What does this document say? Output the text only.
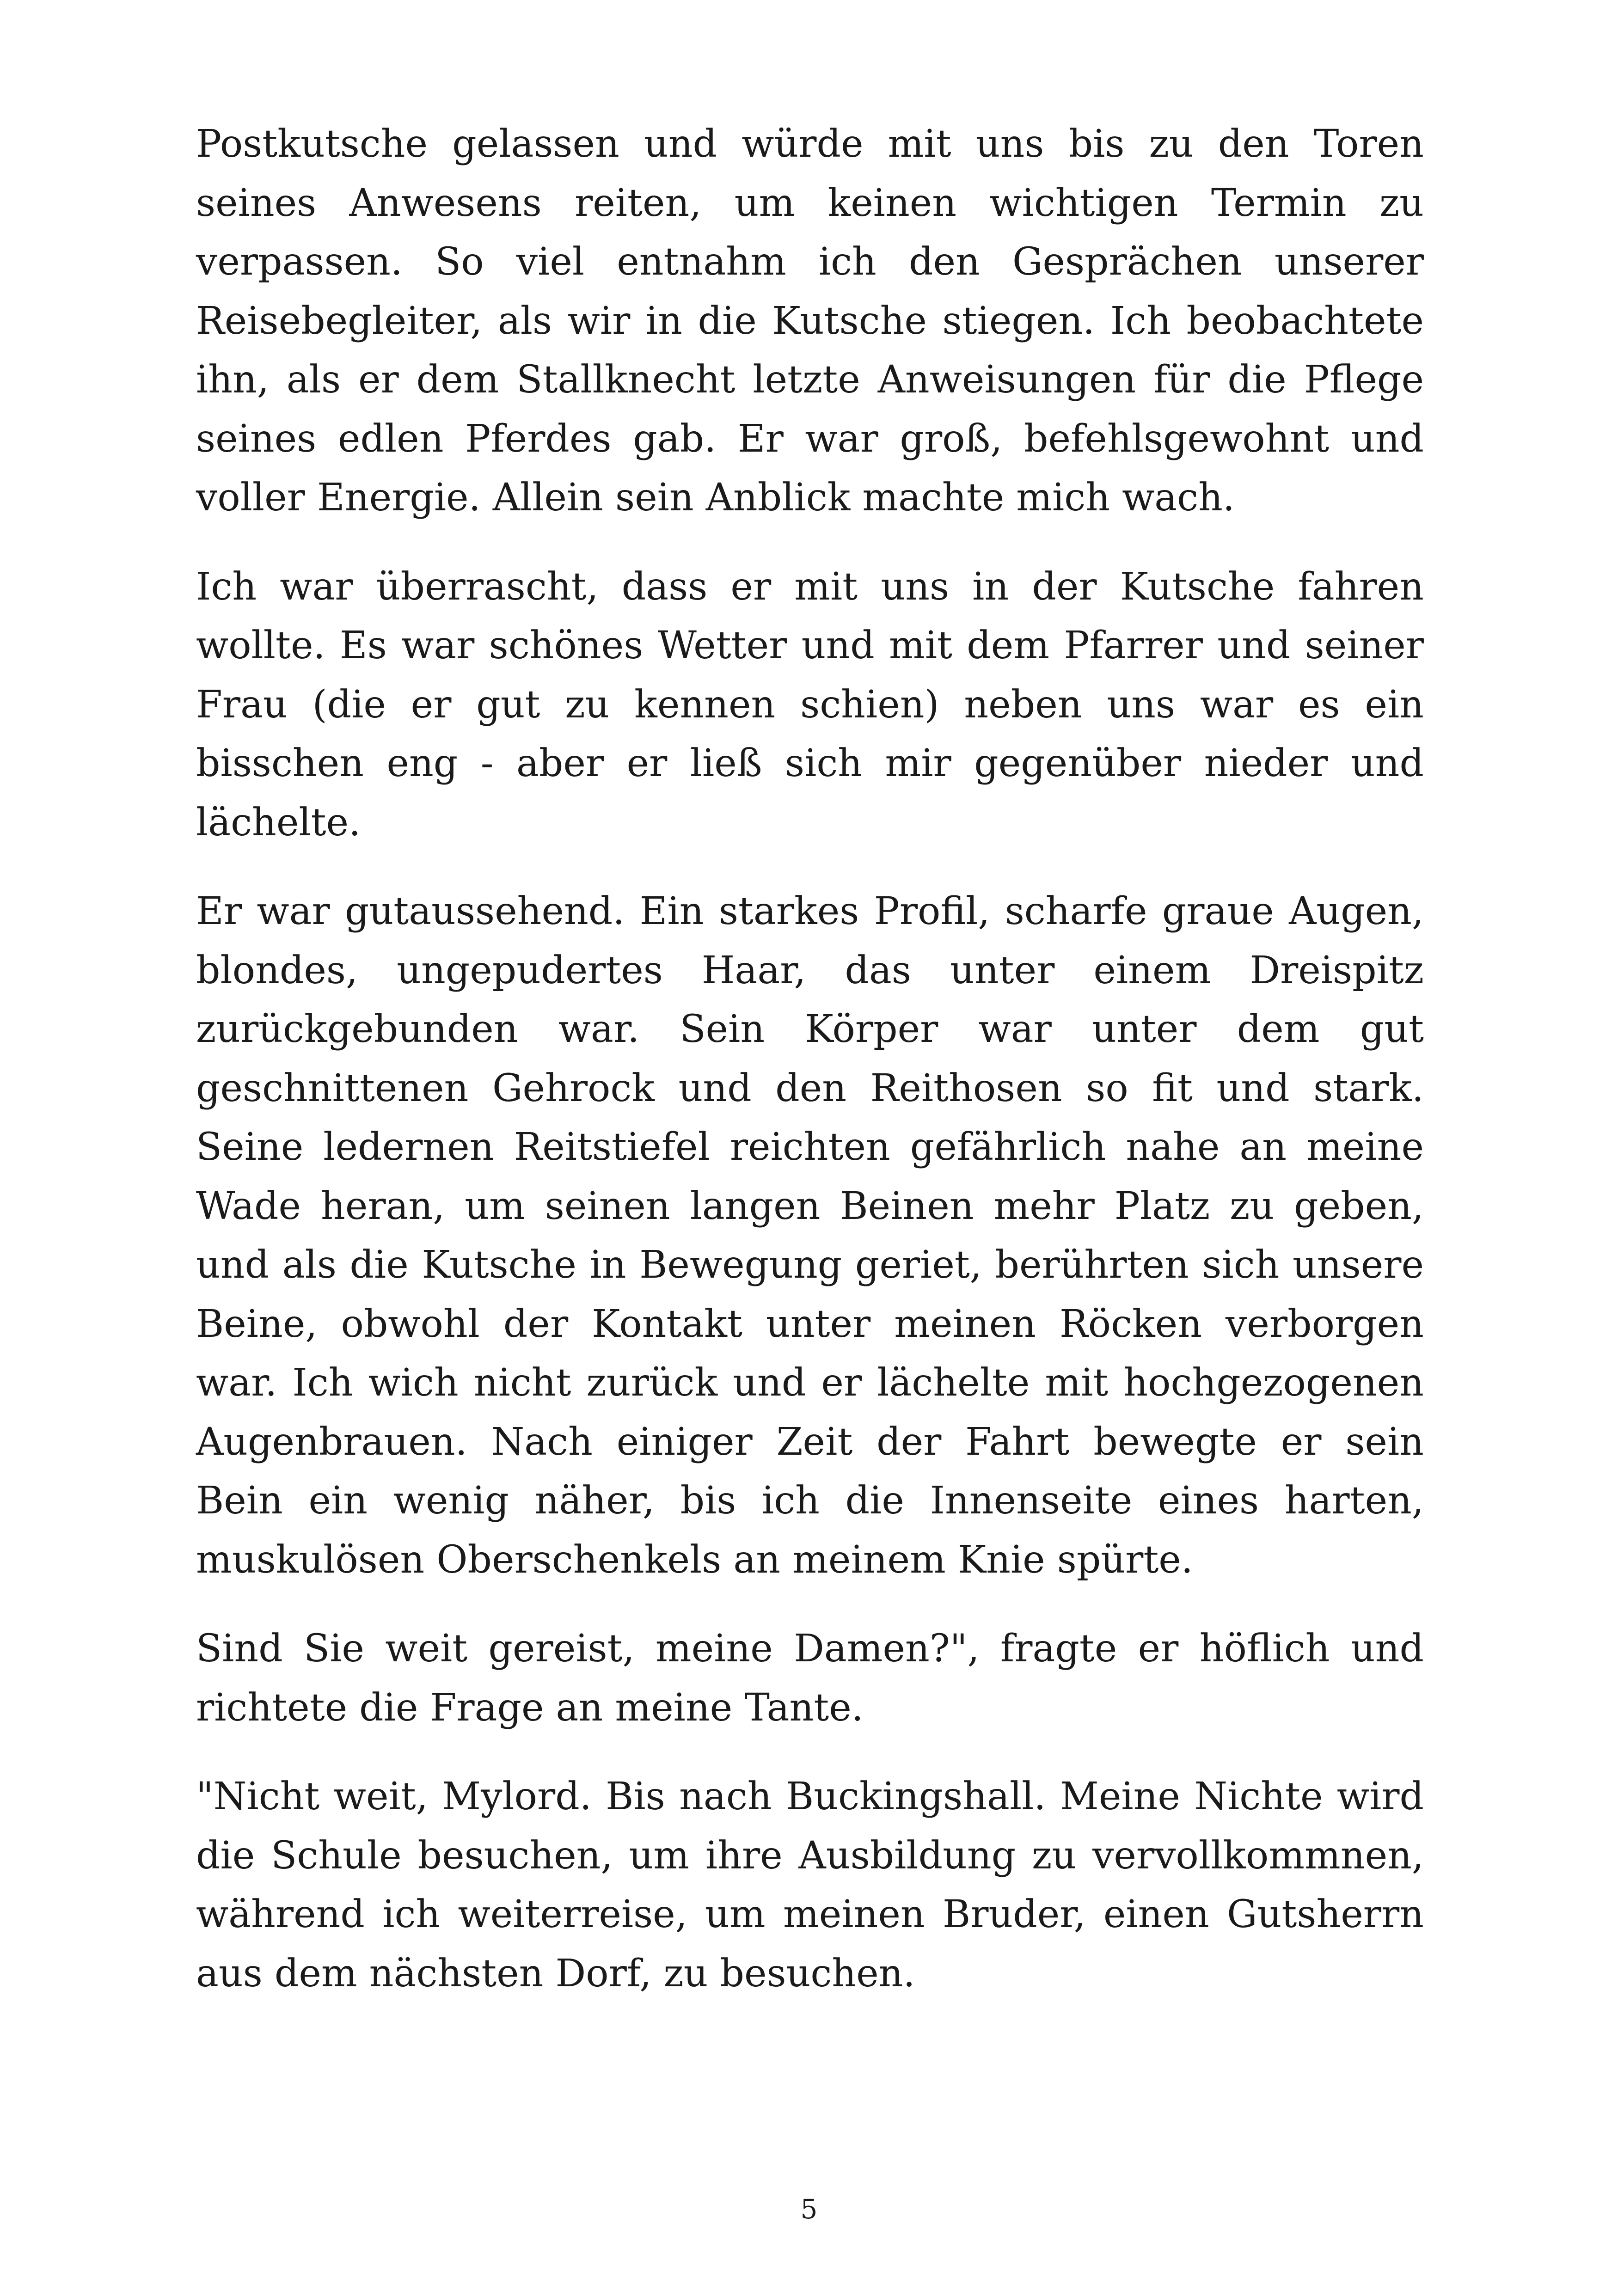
Postkutsche gelassen und würde mit uns bis zu den Toren seines Anwesens reiten, um keinen wichtigen Termin zu verpassen. So viel entnahm ich den Gesprächen unserer Reisebegleiter, als wir in die Kutsche stiegen. Ich beobachtete ihn, als er dem Stallknecht letzte Anweisungen für die Pflege seines edlen Pferdes gab. Er war groß, befehlsgewohnt und voller Energie. Allein sein Anblick machte mich wach.

Ich war überrascht, dass er mit uns in der Kutsche fahren wollte. Es war schönes Wetter und mit dem Pfarrer und seiner Frau (die er gut zu kennen schien) neben uns war es ein bisschen eng - aber er ließ sich mir gegenüber nieder und lächelte.

Er war gutaussehend. Ein starkes Profil, scharfe graue Augen, blondes, ungepudertes Haar, das unter einem Dreispitz zurückgebunden war. Sein Körper war unter dem gut geschnittenen Gehrock und den Reithosen so fit und stark. Seine ledernen Reitstiefel reichten gefährlich nahe an meine Wade heran, um seinen langen Beinen mehr Platz zu geben, und als die Kutsche in Bewegung geriet, berührten sich unsere Beine, obwohl der Kontakt unter meinen Röcken verborgen war. Ich wich nicht zurück und er lächelte mit hochgezogenen Augenbrauen. Nach einiger Zeit der Fahrt bewegte er sein Bein ein wenig näher, bis ich die Innenseite eines harten, muskulösen Oberschenkels an meinem Knie spürte.

Sind Sie weit gereist, meine Damen?", fragte er höflich und richtete die Frage an meine Tante.

"Nicht weit, Mylord. Bis nach Buckingshall. Meine Nichte wird die Schule besuchen, um ihre Ausbildung zu vervollkommnen, während ich weiterreise, um meinen Bruder, einen Gutsherrn aus dem nächsten Dorf, zu besuchen.

5
